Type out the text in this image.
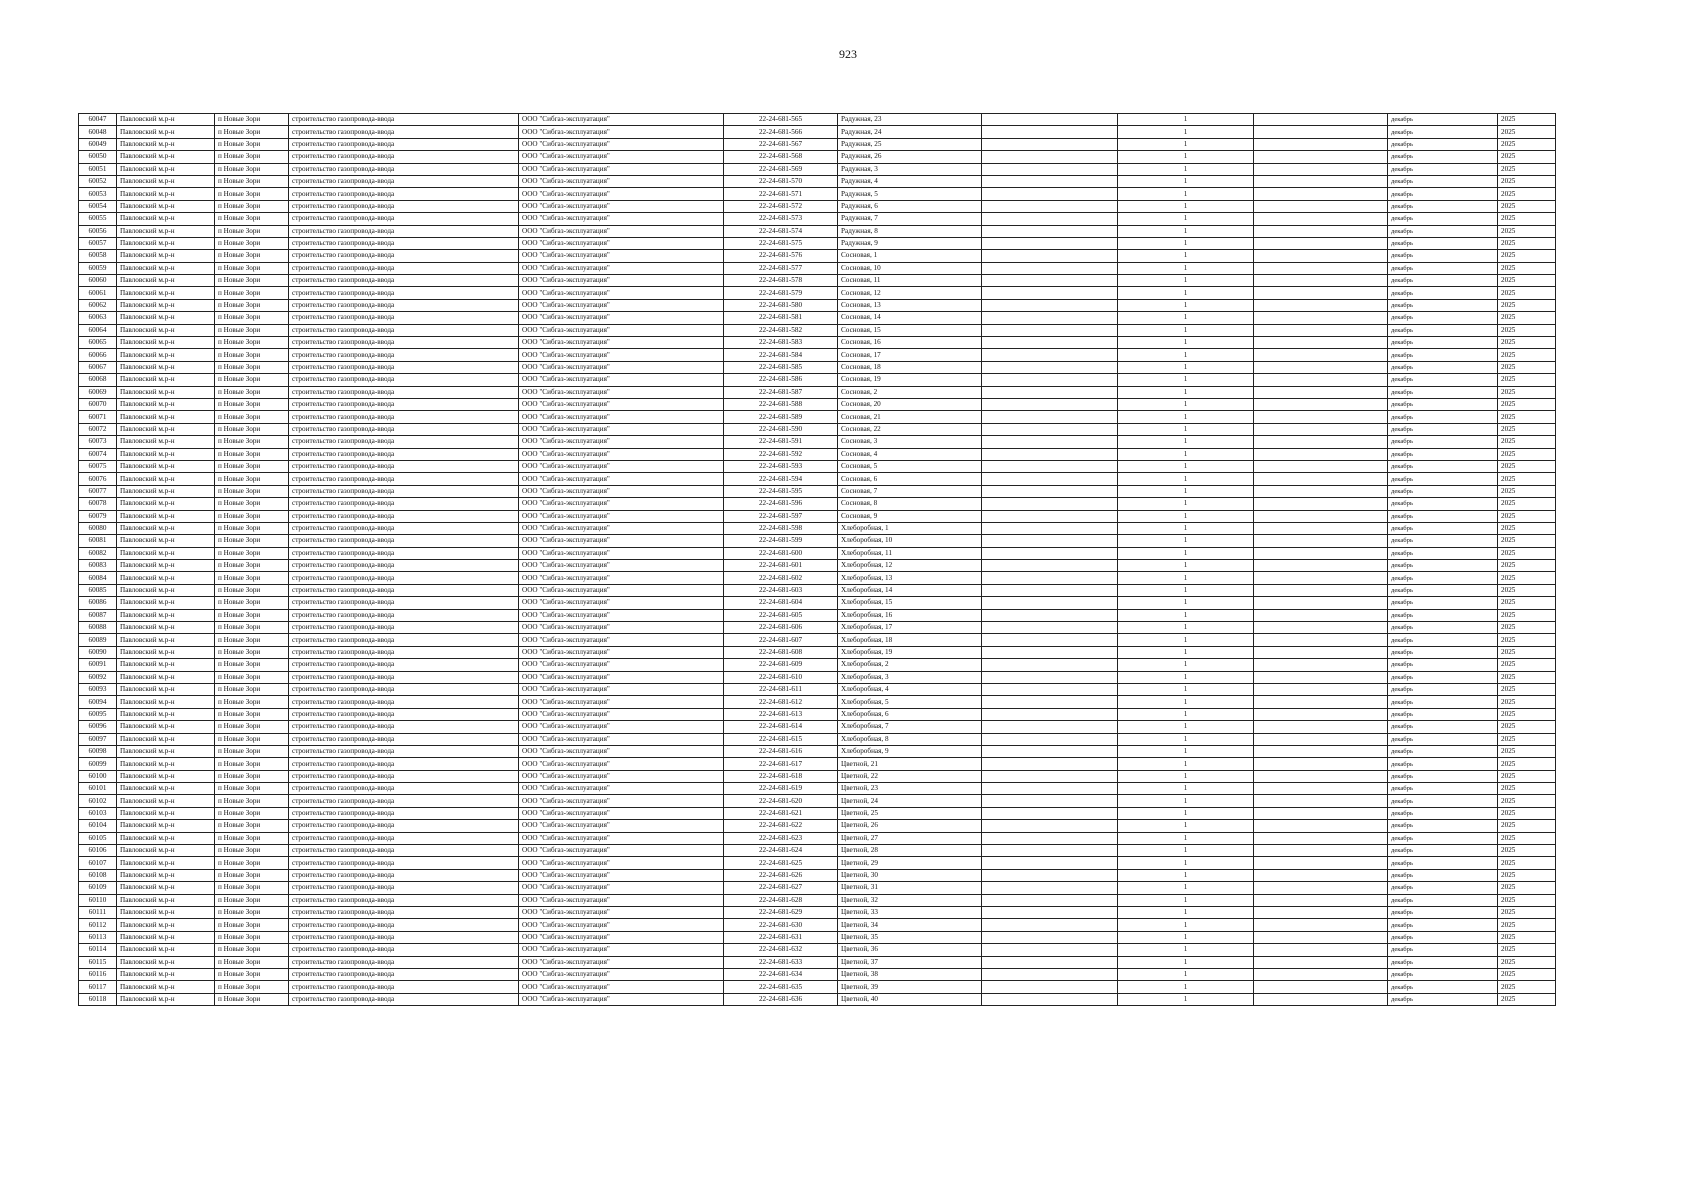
923
60047	Павловский м.р-н	п Новые Зори	строительство газопровода-ввода	ООО "Сибгаз-эксплуатация"	22-24-681-565	Радужная, 23		1		декабрь	2025
60048	Павловский м.р-н	п Новые Зори	строительство газопровода-ввода	ООО "Сибгаз-эксплуатация"	22-24-681-566	Радужная, 24		1		декабрь	2025
60049	Павловский м.р-н	п Новые Зори	строительство газопровода-ввода	ООО "Сибгаз-эксплуатация"	22-24-681-567	Радужная, 25		1		декабрь	2025
60050	Павловский м.р-н	п Новые Зори	строительство газопровода-ввода	ООО "Сибгаз-эксплуатация"	22-24-681-568	Радужная, 26		1		декабрь	2025
60051	Павловский м.р-н	п Новые Зори	строительство газопровода-ввода	ООО "Сибгаз-эксплуатация"	22-24-681-569	Радужная, 3		1		декабрь	2025
60052	Павловский м.р-н	п Новые Зори	строительство газопровода-ввода	ООО "Сибгаз-эксплуатация"	22-24-681-570	Радужная, 4		1		декабрь	2025
60053	Павловский м.р-н	п Новые Зори	строительство газопровода-ввода	ООО "Сибгаз-эксплуатация"	22-24-681-571	Радужная, 5		1		декабрь	2025
60054	Павловский м.р-н	п Новые Зори	строительство газопровода-ввода	ООО "Сибгаз-эксплуатация"	22-24-681-572	Радужная, 6		1		декабрь	2025
60055	Павловский м.р-н	п Новые Зори	строительство газопровода-ввода	ООО "Сибгаз-эксплуатация"	22-24-681-573	Радужная, 7		1		декабрь	2025
60056	Павловский м.р-н	п Новые Зори	строительство газопровода-ввода	ООО "Сибгаз-эксплуатация"	22-24-681-574	Радужная, 8		1		декабрь	2025
60057	Павловский м.р-н	п Новые Зори	строительство газопровода-ввода	ООО "Сибгаз-эксплуатация"	22-24-681-575	Радужная, 9		1		декабрь	2025
60058	Павловский м.р-н	п Новые Зори	строительство газопровода-ввода	ООО "Сибгаз-эксплуатация"	22-24-681-576	Сосновая, 1		1		декабрь	2025
60059	Павловский м.р-н	п Новые Зори	строительство газопровода-ввода	ООО "Сибгаз-эксплуатация"	22-24-681-577	Сосновая, 10		1		декабрь	2025
60060	Павловский м.р-н	п Новые Зори	строительство газопровода-ввода	ООО "Сибгаз-эксплуатация"	22-24-681-578	Сосновая, 11		1		декабрь	2025
60061	Павловский м.р-н	п Новые Зори	строительство газопровода-ввода	ООО "Сибгаз-эксплуатация"	22-24-681-579	Сосновая, 12		1		декабрь	2025
60062	Павловский м.р-н	п Новые Зори	строительство газопровода-ввода	ООО "Сибгаз-эксплуатация"	22-24-681-580	Сосновая, 13		1		декабрь	2025
60063	Павловский м.р-н	п Новые Зори	строительство газопровода-ввода	ООО "Сибгаз-эксплуатация"	22-24-681-581	Сосновая, 14		1		декабрь	2025
60064	Павловский м.р-н	п Новые Зори	строительство газопровода-ввода	ООО "Сибгаз-эксплуатация"	22-24-681-582	Сосновая, 15		1		декабрь	2025
60065	Павловский м.р-н	п Новые Зори	строительство газопровода-ввода	ООО "Сибгаз-эксплуатация"	22-24-681-583	Сосновая, 16		1		декабрь	2025
60066	Павловский м.р-н	п Новые Зори	строительство газопровода-ввода	ООО "Сибгаз-эксплуатация"	22-24-681-584	Сосновая, 17		1		декабрь	2025
60067	Павловский м.р-н	п Новые Зори	строительство газопровода-ввода	ООО "Сибгаз-эксплуатация"	22-24-681-585	Сосновая, 18		1		декабрь	2025
60068	Павловский м.р-н	п Новые Зори	строительство газопровода-ввода	ООО "Сибгаз-эксплуатация"	22-24-681-586	Сосновая, 19		1		декабрь	2025
60069	Павловский м.р-н	п Новые Зори	строительство газопровода-ввода	ООО "Сибгаз-эксплуатация"	22-24-681-587	Сосновая, 2		1		декабрь	2025
60070	Павловский м.р-н	п Новые Зори	строительство газопровода-ввода	ООО "Сибгаз-эксплуатация"	22-24-681-588	Сосновая, 20		1		декабрь	2025
60071	Павловский м.р-н	п Новые Зори	строительство газопровода-ввода	ООО "Сибгаз-эксплуатация"	22-24-681-589	Сосновая, 21		1		декабрь	2025
60072	Павловский м.р-н	п Новые Зори	строительство газопровода-ввода	ООО "Сибгаз-эксплуатация"	22-24-681-590	Сосновая, 22		1		декабрь	2025
60073	Павловский м.р-н	п Новые Зори	строительство газопровода-ввода	ООО "Сибгаз-эксплуатация"	22-24-681-591	Сосновая, 3		1		декабрь	2025
60074	Павловский м.р-н	п Новые Зори	строительство газопровода-ввода	ООО "Сибгаз-эксплуатация"	22-24-681-592	Сосновая, 4		1		декабрь	2025
60075	Павловский м.р-н	п Новые Зори	строительство газопровода-ввода	ООО "Сибгаз-эксплуатация"	22-24-681-593	Сосновая, 5		1		декабрь	2025
60076	Павловский м.р-н	п Новые Зори	строительство газопровода-ввода	ООО "Сибгаз-эксплуатация"	22-24-681-594	Сосновая, 6		1		декабрь	2025
60077	Павловский м.р-н	п Новые Зори	строительство газопровода-ввода	ООО "Сибгаз-эксплуатация"	22-24-681-595	Сосновая, 7		1		декабрь	2025
60078	Павловский м.р-н	п Новые Зори	строительство газопровода-ввода	ООО "Сибгаз-эксплуатация"	22-24-681-596	Сосновая, 8		1		декабрь	2025
60079	Павловский м.р-н	п Новые Зори	строительство газопровода-ввода	ООО "Сибгаз-эксплуатация"	22-24-681-597	Сосновая, 9		1		декабрь	2025
60080	Павловский м.р-н	п Новые Зори	строительство газопровода-ввода	ООО "Сибгаз-эксплуатация"	22-24-681-598	Хлеборобная, 1		1		декабрь	2025
60081	Павловский м.р-н	п Новые Зори	строительство газопровода-ввода	ООО "Сибгаз-эксплуатация"	22-24-681-599	Хлеборобная, 10		1		декабрь	2025
60082	Павловский м.р-н	п Новые Зори	строительство газопровода-ввода	ООО "Сибгаз-эксплуатация"	22-24-681-600	Хлеборобная, 11		1		декабрь	2025
60083	Павловский м.р-н	п Новые Зори	строительство газопровода-ввода	ООО "Сибгаз-эксплуатация"	22-24-681-601	Хлеборобная, 12		1		декабрь	2025
60084	Павловский м.р-н	п Новые Зори	строительство газопровода-ввода	ООО "Сибгаз-эксплуатация"	22-24-681-602	Хлеборобная, 13		1		декабрь	2025
60085	Павловский м.р-н	п Новые Зори	строительство газопровода-ввода	ООО "Сибгаз-эксплуатация"	22-24-681-603	Хлеборобная, 14		1		декабрь	2025
60086	Павловский м.р-н	п Новые Зори	строительство газопровода-ввода	ООО "Сибгаз-эксплуатация"	22-24-681-604	Хлеборобная, 15		1		декабрь	2025
60087	Павловский м.р-н	п Новые Зори	строительство газопровода-ввода	ООО "Сибгаз-эксплуатация"	22-24-681-605	Хлеборобная, 16		1		декабрь	2025
60088	Павловский м.р-н	п Новые Зори	строительство газопровода-ввода	ООО "Сибгаз-эксплуатация"	22-24-681-606	Хлеборобная, 17		1		декабрь	2025
60089	Павловский м.р-н	п Новые Зори	строительство газопровода-ввода	ООО "Сибгаз-эксплуатация"	22-24-681-607	Хлеборобная, 18		1		декабрь	2025
60090	Павловский м.р-н	п Новые Зори	строительство газопровода-ввода	ООО "Сибгаз-эксплуатация"	22-24-681-608	Хлеборобная, 19		1		декабрь	2025
60091	Павловский м.р-н	п Новые Зори	строительство газопровода-ввода	ООО "Сибгаз-эксплуатация"	22-24-681-609	Хлеборобная, 2		1		декабрь	2025
60092	Павловский м.р-н	п Новые Зори	строительство газопровода-ввода	ООО "Сибгаз-эксплуатация"	22-24-681-610	Хлеборобная, 3		1		декабрь	2025
60093	Павловский м.р-н	п Новые Зори	строительство газопровода-ввода	ООО "Сибгаз-эксплуатация"	22-24-681-611	Хлеборобная, 4		1		декабрь	2025
60094	Павловский м.р-н	п Новые Зори	строительство газопровода-ввода	ООО "Сибгаз-эксплуатация"	22-24-681-612	Хлеборобная, 5		1		декабрь	2025
60095	Павловский м.р-н	п Новые Зори	строительство газопровода-ввода	ООО "Сибгаз-эксплуатация"	22-24-681-613	Хлеборобная, 6		1		декабрь	2025
60096	Павловский м.р-н	п Новые Зори	строительство газопровода-ввода	ООО "Сибгаз-эксплуатация"	22-24-681-614	Хлеборобная, 7		1		декабрь	2025
60097	Павловский м.р-н	п Новые Зори	строительство газопровода-ввода	ООО "Сибгаз-эксплуатация"	22-24-681-615	Хлеборобная, 8		1		декабрь	2025
60098	Павловский м.р-н	п Новые Зори	строительство газопровода-ввода	ООО "Сибгаз-эксплуатация"	22-24-681-616	Хлеборобная, 9		1		декабрь	2025
60099	Павловский м.р-н	п Новые Зори	строительство газопровода-ввода	ООО "Сибгаз-эксплуатация"	22-24-681-617	Цветной, 21		1		декабрь	2025
60100	Павловский м.р-н	п Новые Зори	строительство газопровода-ввода	ООО "Сибгаз-эксплуатация"	22-24-681-618	Цветной, 22		1		декабрь	2025
60101	Павловский м.р-н	п Новые Зори	строительство газопровода-ввода	ООО "Сибгаз-эксплуатация"	22-24-681-619	Цветной, 23		1		декабрь	2025
60102	Павловский м.р-н	п Новые Зори	строительство газопровода-ввода	ООО "Сибгаз-эксплуатация"	22-24-681-620	Цветной, 24		1		декабрь	2025
60103	Павловский м.р-н	п Новые Зори	строительство газопровода-ввода	ООО "Сибгаз-эксплуатация"	22-24-681-621	Цветной, 25		1		декабрь	2025
60104	Павловский м.р-н	п Новые Зори	строительство газопровода-ввода	ООО "Сибгаз-эксплуатация"	22-24-681-622	Цветной, 26		1		декабрь	2025
60105	Павловский м.р-н	п Новые Зори	строительство газопровода-ввода	ООО "Сибгаз-эксплуатация"	22-24-681-623	Цветной, 27		1		декабрь	2025
60106	Павловский м.р-н	п Новые Зори	строительство газопровода-ввода	ООО "Сибгаз-эксплуатация"	22-24-681-624	Цветной, 28		1		декабрь	2025
60107	Павловский м.р-н	п Новые Зори	строительство газопровода-ввода	ООО "Сибгаз-эксплуатация"	22-24-681-625	Цветной, 29		1		декабрь	2025
60108	Павловский м.р-н	п Новые Зори	строительство газопровода-ввода	ООО "Сибгаз-эксплуатация"	22-24-681-626	Цветной, 30		1		декабрь	2025
60109	Павловский м.р-н	п Новые Зори	строительство газопровода-ввода	ООО "Сибгаз-эксплуатация"	22-24-681-627	Цветной, 31		1		декабрь	2025
60110	Павловский м.р-н	п Новые Зори	строительство газопровода-ввода	ООО "Сибгаз-эксплуатация"	22-24-681-628	Цветной, 32		1		декабрь	2025
60111	Павловский м.р-н	п Новые Зори	строительство газопровода-ввода	ООО "Сибгаз-эксплуатация"	22-24-681-629	Цветной, 33		1		декабрь	2025
60112	Павловский м.р-н	п Новые Зори	строительство газопровода-ввода	ООО "Сибгаз-эксплуатация"	22-24-681-630	Цветной, 34		1		декабрь	2025
60113	Павловский м.р-н	п Новые Зори	строительство газопровода-ввода	ООО "Сибгаз-эксплуатация"	22-24-681-631	Цветной, 35		1		декабрь	2025
60114	Павловский м.р-н	п Новые Зори	строительство газопровода-ввода	ООО "Сибгаз-эксплуатация"	22-24-681-632	Цветной, 36		1		декабрь	2025
60115	Павловский м.р-н	п Новые Зори	строительство газопровода-ввода	ООО "Сибгаз-эксплуатация"	22-24-681-633	Цветной, 37		1		декабрь	2025
60116	Павловский м.р-н	п Новые Зори	строительство газопровода-ввода	ООО "Сибгаз-эксплуатация"	22-24-681-634	Цветной, 38		1		декабрь	2025
60117	Павловский м.р-н	п Новые Зори	строительство газопровода-ввода	ООО "Сибгаз-эксплуатация"	22-24-681-635	Цветной, 39		1		декабрь	2025
60118	Павловский м.р-н	п Новые Зори	строительство газопровода-ввода	ООО "Сибгаз-эксплуатация"	22-24-681-636	Цветной, 40		1		декабрь	2025
